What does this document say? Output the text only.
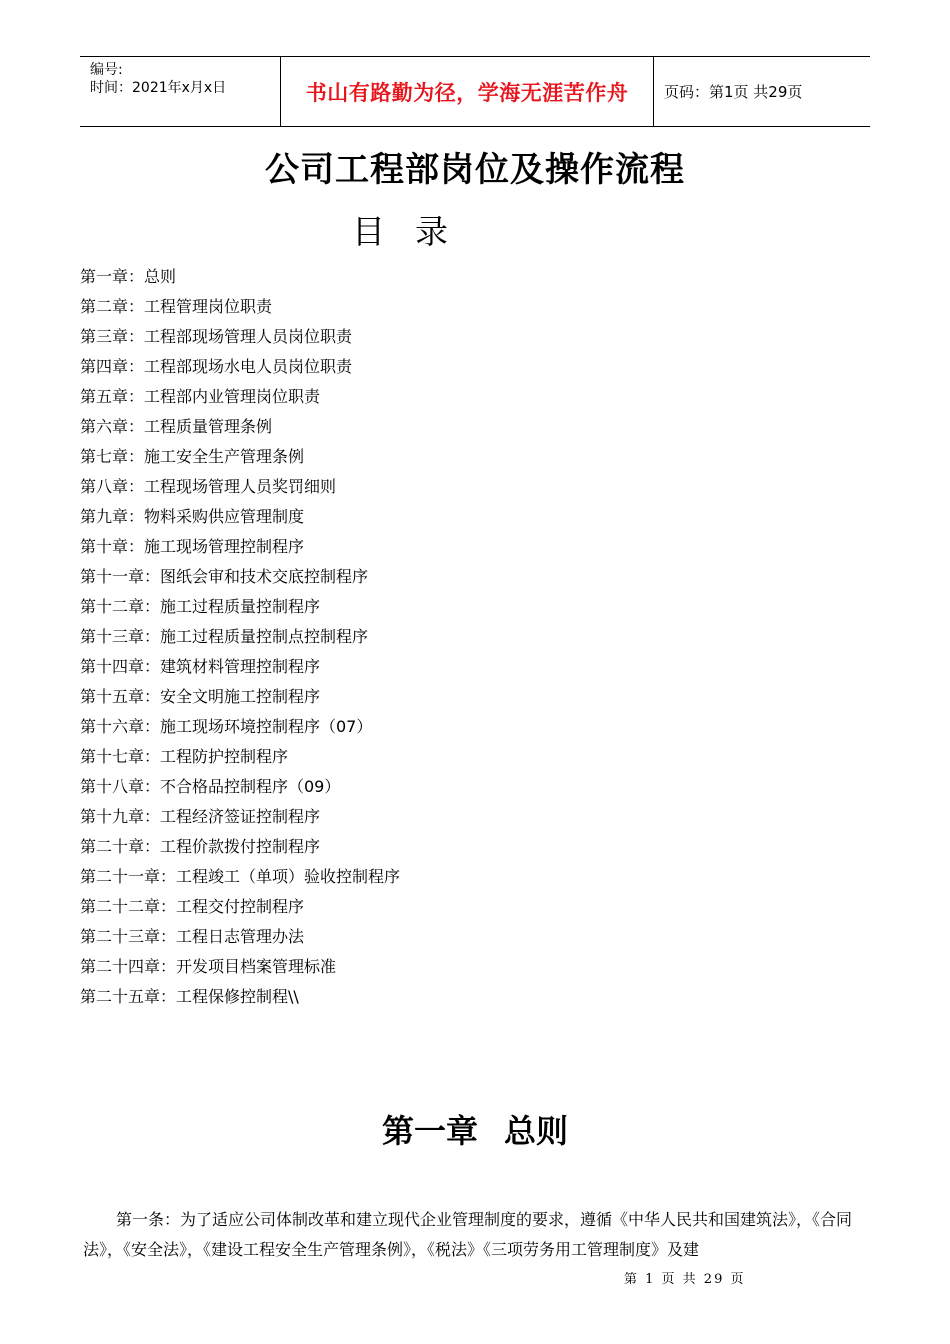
编号:
时间：2021年x月x日	书山有路勤为径，学海无涯苦作舟 页码：第1页 共29页
公司工程部岗位及操作流程
目录
第一章：总则
第二章：工程管理岗位职责
第三章：工程部现场管理人员岗位职责
第四章：工程部现场水电人员岗位职责
第五章：工程部内业管理岗位职责
第六章：工程质量管理条例
第七章：施工安全生产管理条例
第八章：工程现场管理人员奖罚细则
第九章：物料采购供应管理制度
第十章：施工现场管理控制程序
第十一章：图纸会审和技术交底控制程序
第十二章：施工过程质量控制程序
第十三章：施工过程质量控制点控制程序
第十四章：建筑材料管理控制程序
第十五章：安全文明施工控制程序
第十六章：施工现场环境控制程序（07）
第十七章：工程防护控制程序
第十八章：不合格品控制程序（09）
第十九章：工程经济签证控制程序
第二十章：工程价款拨付控制程序
第二十一章：工程竣工（单项）验收控制程序
第二十二章：工程交付控制程序
第二十三章：工程日志管理办法
第二十四章：开发项目档案管理标准
第二十五章：工程保修控制程\\
第一章 总则

第一条：为了适应公司体制改革和建立现代企业管理制度的要求，遵循《中华人民共和国建筑法》，《合同法》，《安全法》，《建设工程安全生产管理条例》，《税法》《三项劳务用工管理制度》及建

第 1 页 共 29 页
